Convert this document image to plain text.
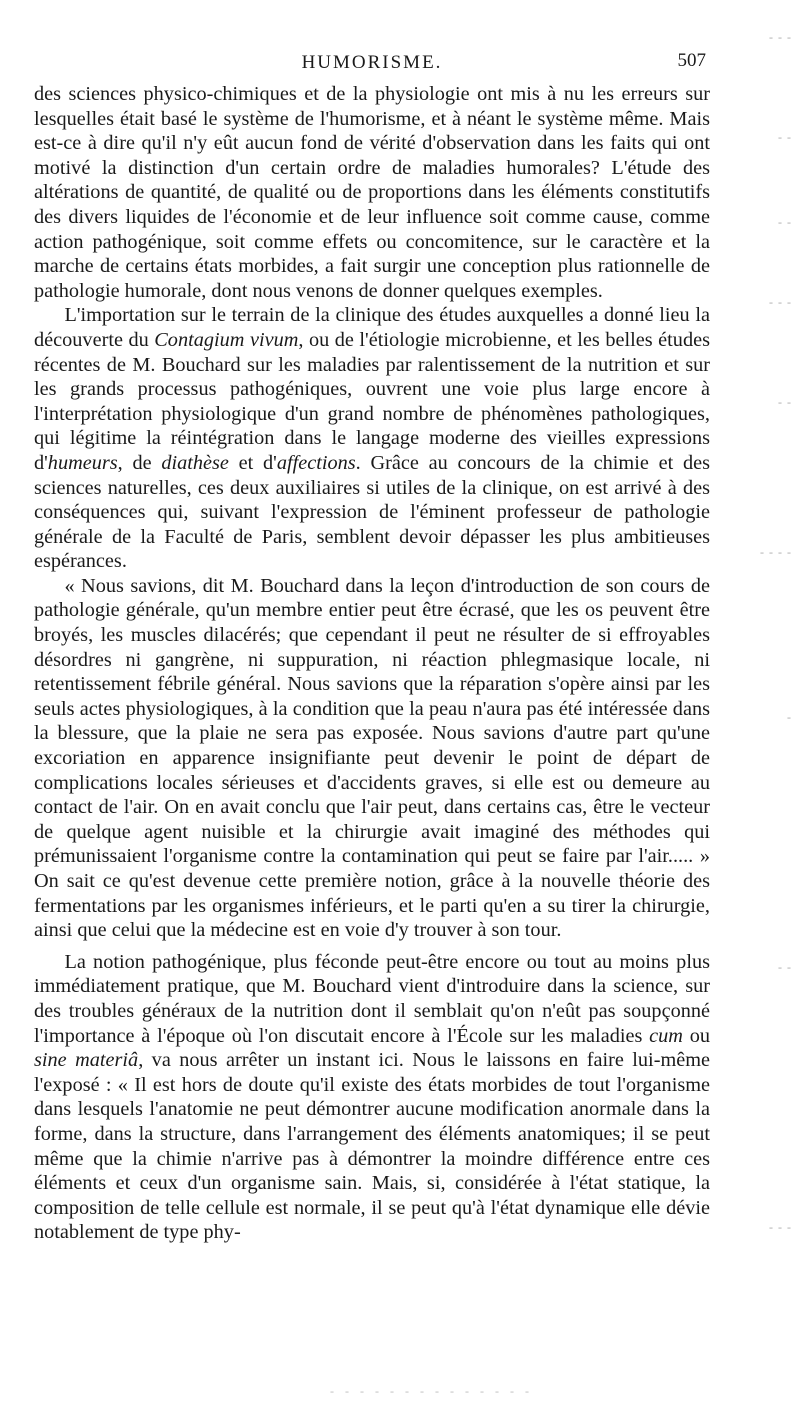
- - -
- -
- -
- - -
- -
- - - -
-
- -
- - -
- - - - - - - - - - - - - -
HUMORISME.	507

des sciences physico-chimiques et de la physiologie ont mis à nu les erreurs sur lesquelles était basé le système de l'humorisme, et à néant le système même. Mais est-ce à dire qu'il n'y eût aucun fond de vérité d'observation dans les faits qui ont motivé la distinction d'un certain ordre de maladies humorales? L'étude des altérations de quantité, de qualité ou de proportions dans les éléments constitutifs des divers liquides de l'économie et de leur influence soit comme cause, comme action pathogénique, soit comme effets ou concomitence, sur le caractère et la marche de certains états morbides, a fait surgir une conception plus rationnelle de pathologie humorale, dont nous venons de donner quelques exemples.

L'importation sur le terrain de la clinique des études auxquelles a donné lieu la découverte du Contagium vivum, ou de l'étiologie microbienne, et les belles études récentes de M. Bouchard sur les maladies par ralentissement de la nutrition et sur les grands processus pathogéniques, ouvrent une voie plus large encore à l'interprétation physiologique d'un grand nombre de phénomènes pathologiques, qui légitime la réintégration dans le langage moderne des vieilles expressions d'humeurs, de diathèse et d'affections. Grâce au concours de la chimie et des sciences naturelles, ces deux auxiliaires si utiles de la clinique, on est arrivé à des conséquences qui, suivant l'expression de l'éminent professeur de pathologie générale de la Faculté de Paris, semblent devoir dépasser les plus ambitieuses espérances.

« Nous savions, dit M. Bouchard dans la leçon d'introduction de son cours de pathologie générale, qu'un membre entier peut être écrasé, que les os peuvent être broyés, les muscles dilacérés; que cependant il peut ne résulter de si effroyables désordres ni gangrène, ni suppuration, ni réaction phlegmasique locale, ni retentissement fébrile général. Nous savions que la réparation s'opère ainsi par les seuls actes physiologiques, à la condition que la peau n'aura pas été intéressée dans la blessure, que la plaie ne sera pas exposée. Nous savions d'autre part qu'une excoriation en apparence insignifiante peut devenir le point de départ de complications locales sérieuses et d'accidents graves, si elle est ou demeure au contact de l'air. On en avait conclu que l'air peut, dans certains cas, être le vecteur de quelque agent nuisible et la chirurgie avait imaginé des méthodes qui prémunissaient l'organisme contre la contamination qui peut se faire par l'air..... » On sait ce qu'est devenue cette première notion, grâce à la nouvelle théorie des fermentations par les organismes inférieurs, et le parti qu'en a su tirer la chirurgie, ainsi que celui que la médecine est en voie d'y trouver à son tour.

La notion pathogénique, plus féconde peut-être encore ou tout au moins plus immédiatement pratique, que M. Bouchard vient d'introduire dans la science, sur des troubles généraux de la nutrition dont il semblait qu'on n'eût pas soupçonné l'importance à l'époque où l'on discutait encore à l'École sur les maladies cum ou sine materiâ, va nous arrêter un instant ici. Nous le laissons en faire lui-même l'exposé : « Il est hors de doute qu'il existe des états morbides de tout l'organisme dans lesquels l'anatomie ne peut démontrer aucune modification anormale dans la forme, dans la structure, dans l'arrangement des éléments anatomiques; il se peut même que la chimie n'arrive pas à démontrer la moindre différence entre ces éléments et ceux d'un organisme sain. Mais, si, considérée à l'état statique, la composition de telle cellule est normale, il se peut qu'à l'état dynamique elle dévie notablement de type phy-
